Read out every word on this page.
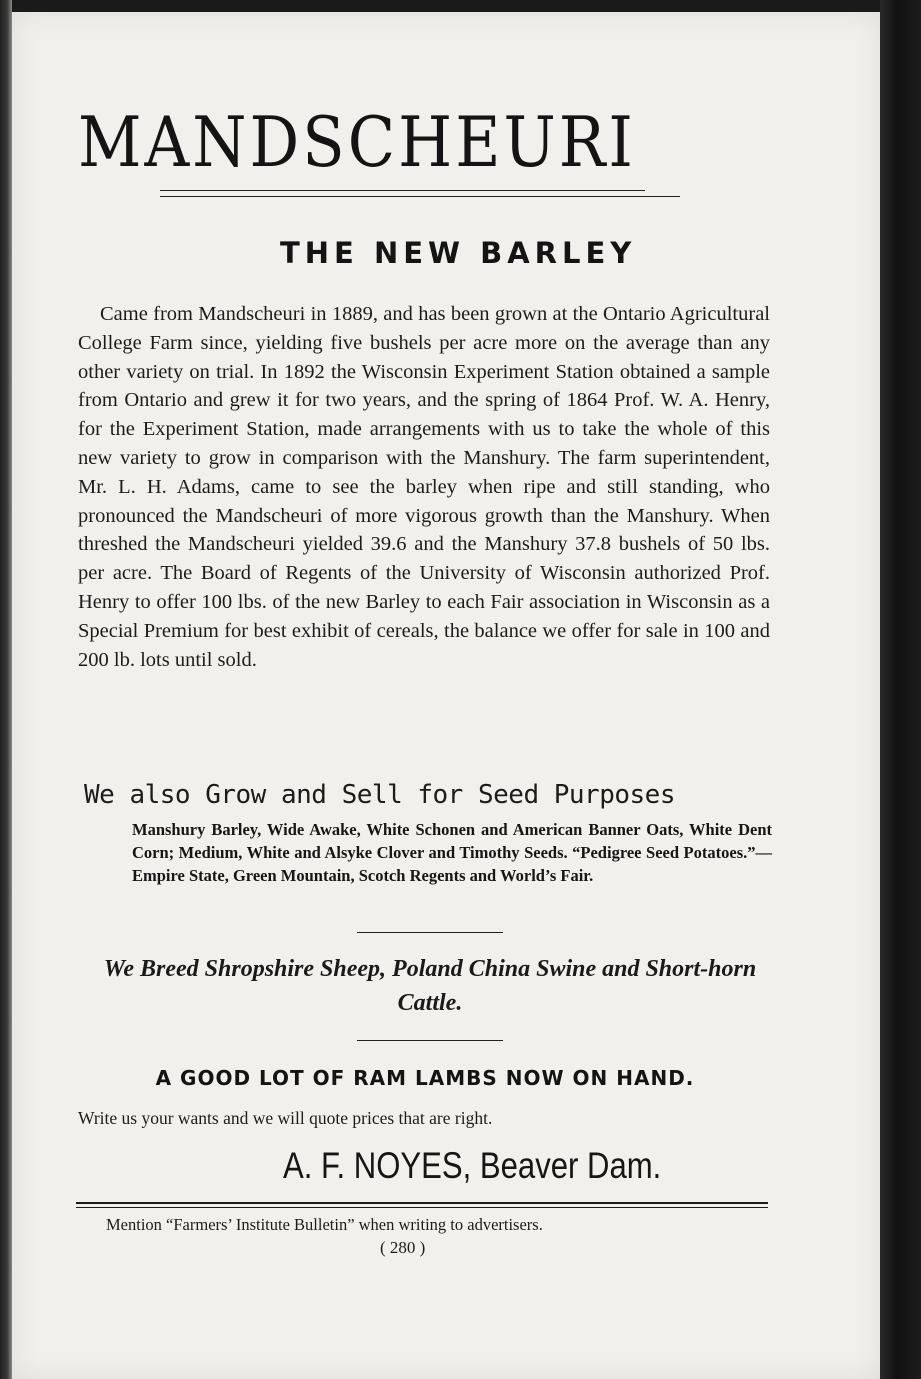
MANDSCHEURI
THE NEW BARLEY
Came from Mandscheuri in 1889, and has been grown at the Ontario Agricultural College Farm since, yielding five bushels per acre more on the average than any other variety on trial. In 1892 the Wisconsin Experiment Station obtained a sample from Ontario and grew it for two years, and the spring of 1864 Prof. W. A. Henry, for the Experiment Station, made arrangements with us to take the whole of this new variety to grow in comparison with the Manshury. The farm superintendent, Mr. L. H. Adams, came to see the barley when ripe and still standing, who pronounced the Mandscheuri of more vigorous growth than the Manshury. When threshed the Mandscheuri yielded 39.6 and the Manshury 37.8 bushels of 50 lbs. per acre. The Board of Regents of the University of Wisconsin authorized Prof. Henry to offer 100 lbs. of the new Barley to each Fair association in Wisconsin as a Special Premium for best exhibit of cereals, the balance we offer for sale in 100 and 200 lb. lots until sold.
We also Grow and Sell for Seed Purposes
Manshury Barley, Wide Awake, White Schonen and American Banner Oats, White Dent Corn; Medium, White and Alsyke Clover and Timothy Seeds. “Pedigree Seed Potatoes.”—Empire State, Green Mountain, Scotch Regents and World’s Fair.
We Breed Shropshire Sheep, Poland China Swine and Short-horn Cattle.
A GOOD LOT OF RAM LAMBS NOW ON HAND.
Write us your wants and we will quote prices that are right.
A. F. NOYES, Beaver Dam.
Mention “Farmers’ Institute Bulletin” when writing to advertisers.
( 280 )
